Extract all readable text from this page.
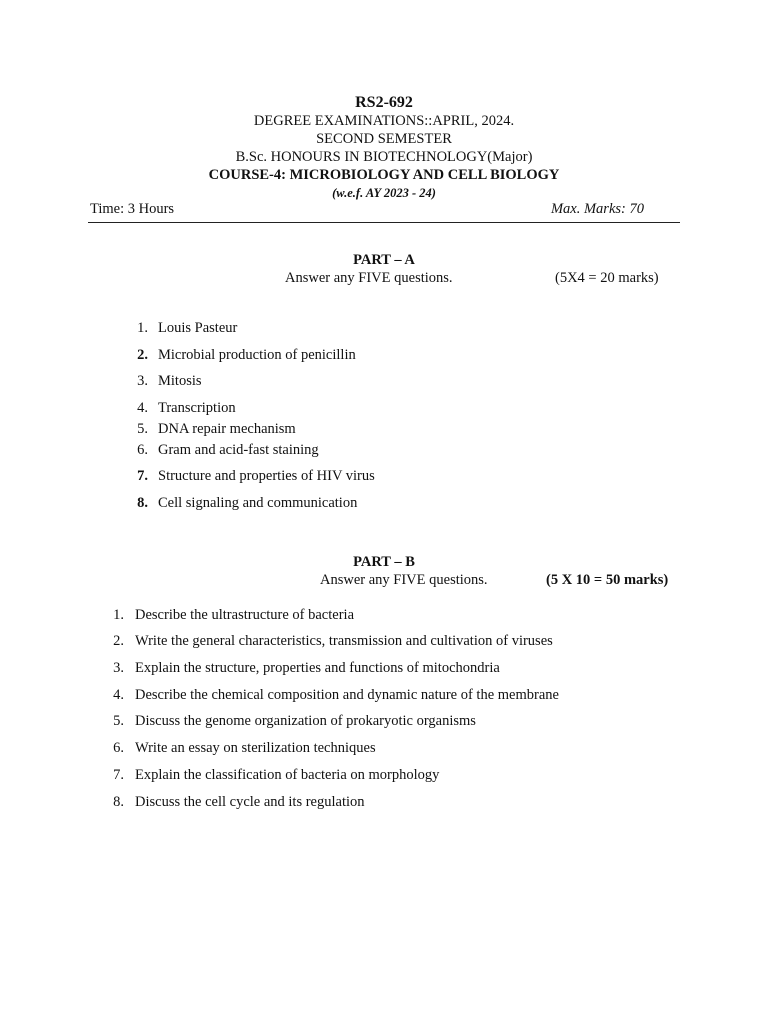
RS2-692
DEGREE EXAMINATIONS::APRIL, 2024.
SECOND SEMESTER
B.Sc. HONOURS IN BIOTECHNOLOGY(Major)
COURSE-4: MICROBIOLOGY AND CELL BIOLOGY
(w.e.f. AY 2023 - 24)
Time: 3 Hours	Max. Marks: 70
PART – A
Answer any FIVE questions.	(5X4 = 20 marks)
1. Louis Pasteur
2. Microbial production of penicillin
3. Mitosis
4. Transcription
5. DNA repair mechanism
6. Gram and acid-fast staining
7. Structure and properties of HIV virus
8. Cell signaling and communication
PART – B
Answer any FIVE questions.	(5 X 10 = 50 marks)
1. Describe the ultrastructure of bacteria
2. Write the general characteristics, transmission and cultivation of viruses
3. Explain the structure, properties and functions of mitochondria
4. Describe the chemical composition and dynamic nature of the membrane
5. Discuss the genome organization of prokaryotic organisms
6. Write an essay on sterilization techniques
7. Explain the classification of bacteria on morphology
8. Discuss the cell cycle and its regulation
